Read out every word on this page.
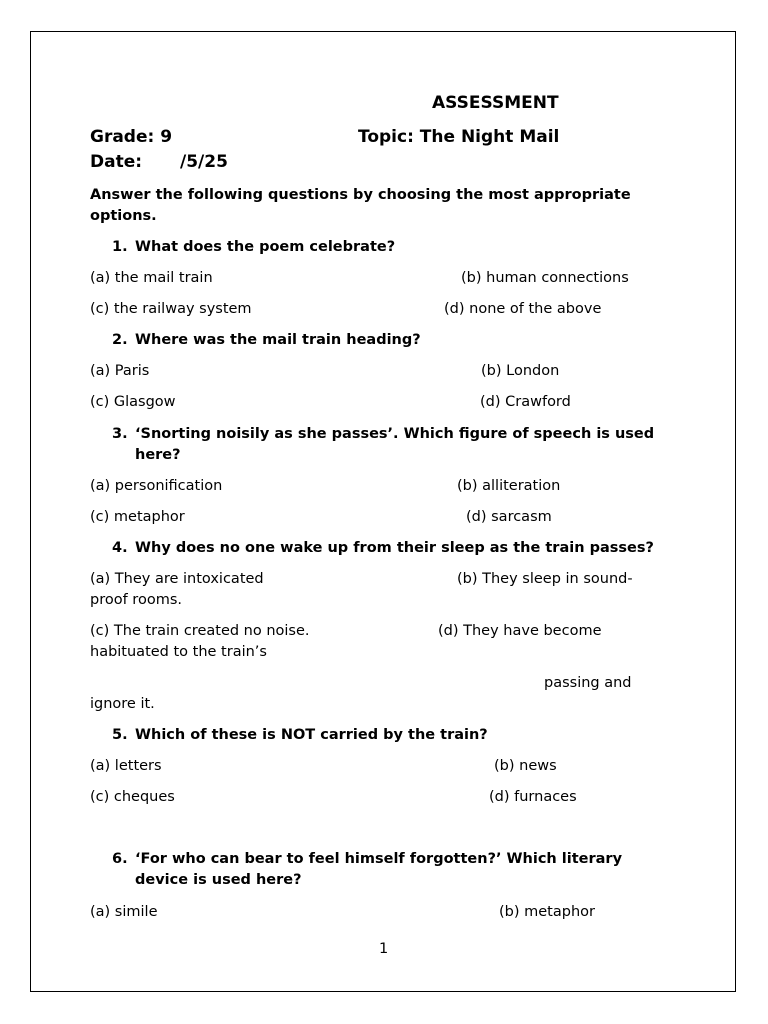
ASSESSMENT
Grade: 9	Topic: The Night Mail
Date: /5/25
Answer the following questions by choosing the most appropriate
options.
1. What does the poem celebrate?
(a) the mail train	(b) human connections
(c) the railway system	(d) none of the above
2. Where was the mail train heading?
(a) Paris	(b) London
(c) Glasgow	(d) Crawford
3. ‘Snorting noisily as she passes’. Which figure of speech is used
here?
(a) personification	(b) alliteration
(c) metaphor	(d) sarcasm
4. Why does no one wake up from their sleep as the train passes?
(a) They are intoxicated	(b) They sleep in sound-
proof rooms.
(c) The train created no noise.	(d) They have become
habituated to the train’s
passing and
ignore it.
5. Which of these is NOT carried by the train?
(a) letters	(b) news
(c) cheques	(d) furnaces
6. ‘For who can bear to feel himself forgotten?’ Which literary
device is used here?
(a) simile	(b) metaphor
1
